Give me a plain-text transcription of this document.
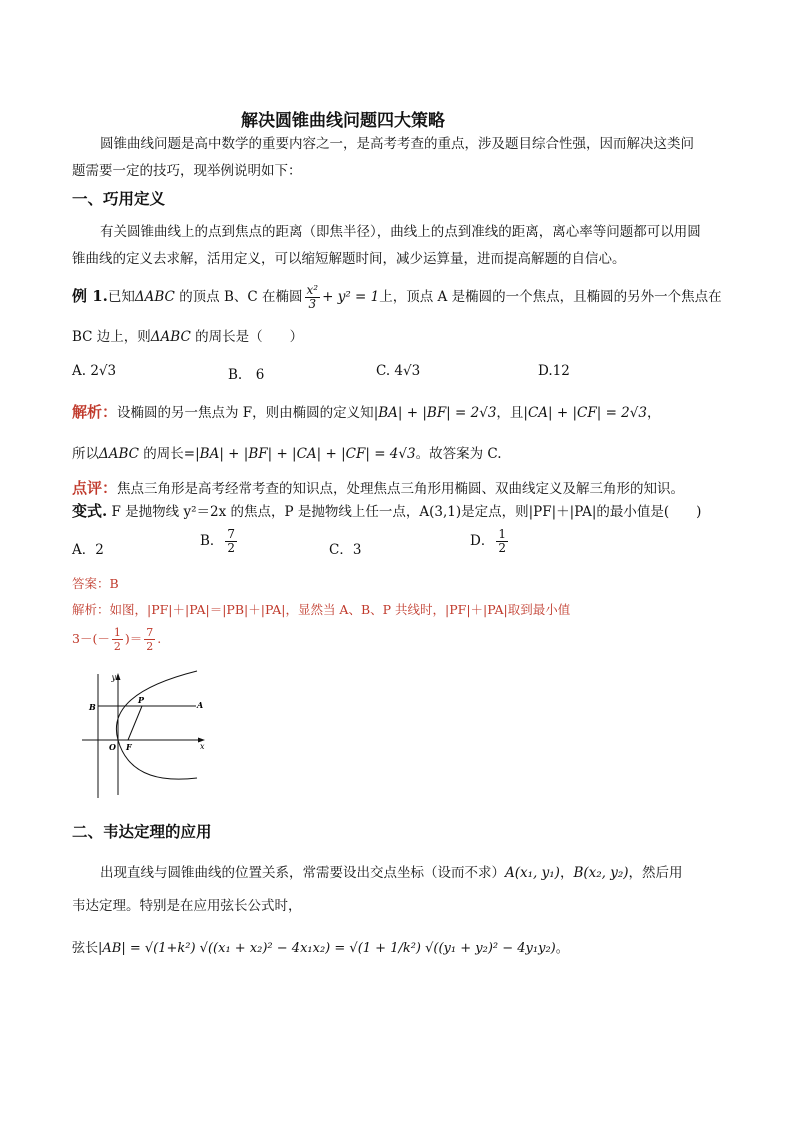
解决圆锥曲线问题四大策略
圆锥曲线问题是高中数学的重要内容之一，是高考考查的重点，涉及题目综合性强，因而解决这类问
题需要一定的技巧，现举例说明如下：
一、巧用定义
有关圆锥曲线上的点到焦点的距离（即焦半径），曲线上的点到准线的距离，离心率等问题都可以用圆
锥曲线的定义去求解，活用定义，可以缩短解题时间，减少运算量，进而提高解题的自信心。
例 1.已知ΔABC 的顶点 B、C 在椭圆 $\frac{\text{x²}}{3} + y^2 = 1$上，顶点 A 是椭圆的一个焦点，且椭圆的另外一个焦点在
BC 边上，则ΔABC 的周长是（　　）
A. 2√3	B.　6	C. 4√3	D.12
解析：设椭圆的另一焦点为 F，则由椭圆的定义知|BA| + |BF| = 2√3，且|CA| + |CF| = 2√3，
所以ΔABC 的周长=|BA| + |BF| + |CA| + |CF| = 4√3。故答案为 C.
点评：焦点三角形是高考经常考查的知识点，处理焦点三角形用椭圆、双曲线定义及解三角形的知识。
变式. F 是抛物线 y²＝2x 的焦点，P 是抛物线上任一点，A(3,1)是定点，则|PF|＋|PA|的最小值是(　　)
A．2
B． $\frac{7}{2}$	C．3
D． $\frac{1}{2}$
答案：B
解析：如图，|PF|＋|PA|＝|PB|＋|PA|，显然当 A、B、P 共线时，|PF|＋|PA|取到最小值
$3-(- \frac{1}{2}$ )＝ $\frac{7}{2}$ .
y
B
P	A
O F	x
二、韦达定理的应用
出现直线与圆锥曲线的位置关系，常需要设出交点坐标（设而不求）A(x₁, y₁)，B(x₂, y₂)，然后用
韦达定理。特别是在应用弦长公式时，
弦长|AB| = √(1+k²) √((x₁ + x₂)² − 4x₁x₂) = √(1 + 1/k²) √((y₁ + y₂)² − 4y₁y₂)。
